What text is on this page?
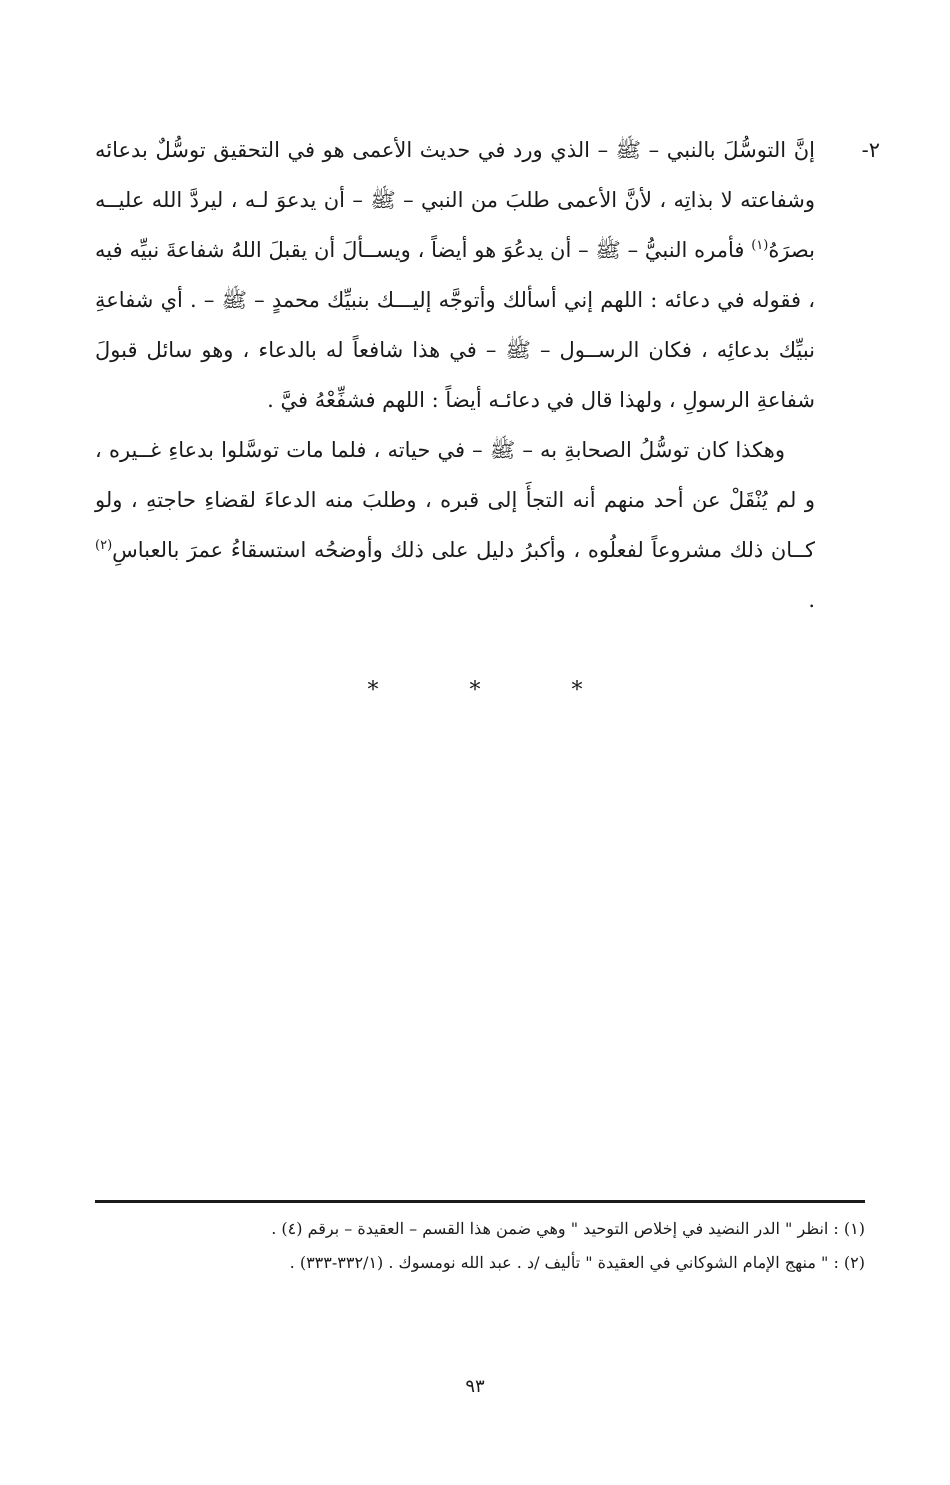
٢-
إنَّ التوسُّلَ بالنبي – ﷺ – الذي ورد في حديث الأعمى هو في التحقيق توسُّلٌ بدعائه وشفاعته لا بذاتِه ، لأنَّ الأعمى طلبَ من النبي – ﷺ – أن يدعوَ لـه ، ليردَّ الله عليــه بصرَهُ$^{(١)}$ فأمره النبيُّ – ﷺ – أن يدعُوَ هو أيضاً ، ويســألَ أن يقبلَ اللهُ شفاعةَ نبيِّه فيه ، فقوله في دعائه : اللهم إني أسألك وأتوجَّه إليـــك بنبيِّك محمدٍ – ﷺ – . أي شفاعةِ نبيِّك بدعائِه ، فكان الرســول – ﷺ – في هذا شافعاً له بالدعاء ، وهو سائل قبولَ شفاعةِ الرسولِ ، ولهذا قال في دعائـه أيضاً : اللهم فشفِّعْهُ فيَّ .
وهكذا كان توسُّلُ الصحابةِ به – ﷺ – في حياته ، فلما مات توسَّلوا بدعاءِ غــيره ، و لم يُنْقَلْ عن أحد منهم أنه التجأَ إلى قبره ، وطلبَ منه الدعاءَ لقضاءِ حاجتهِ ، ولو كــان ذلك مشروعاً لفعلُوه ، وأكبرُ دليل على ذلك وأوضحُه استسقاءُ عمرَ بالعباسِ$^{(٢)}$ .
* * *
(١) : انظر " الدر النضيد في إخلاص التوحيد " وهي ضمن هذا القسم – العقيدة – برقم (٤) .
(٢) : " منهج الإمام الشوكاني في العقيدة " تأليف /د . عبد الله نومسوك . (٣٣٢/١-٣٣٣) .
٩٣
